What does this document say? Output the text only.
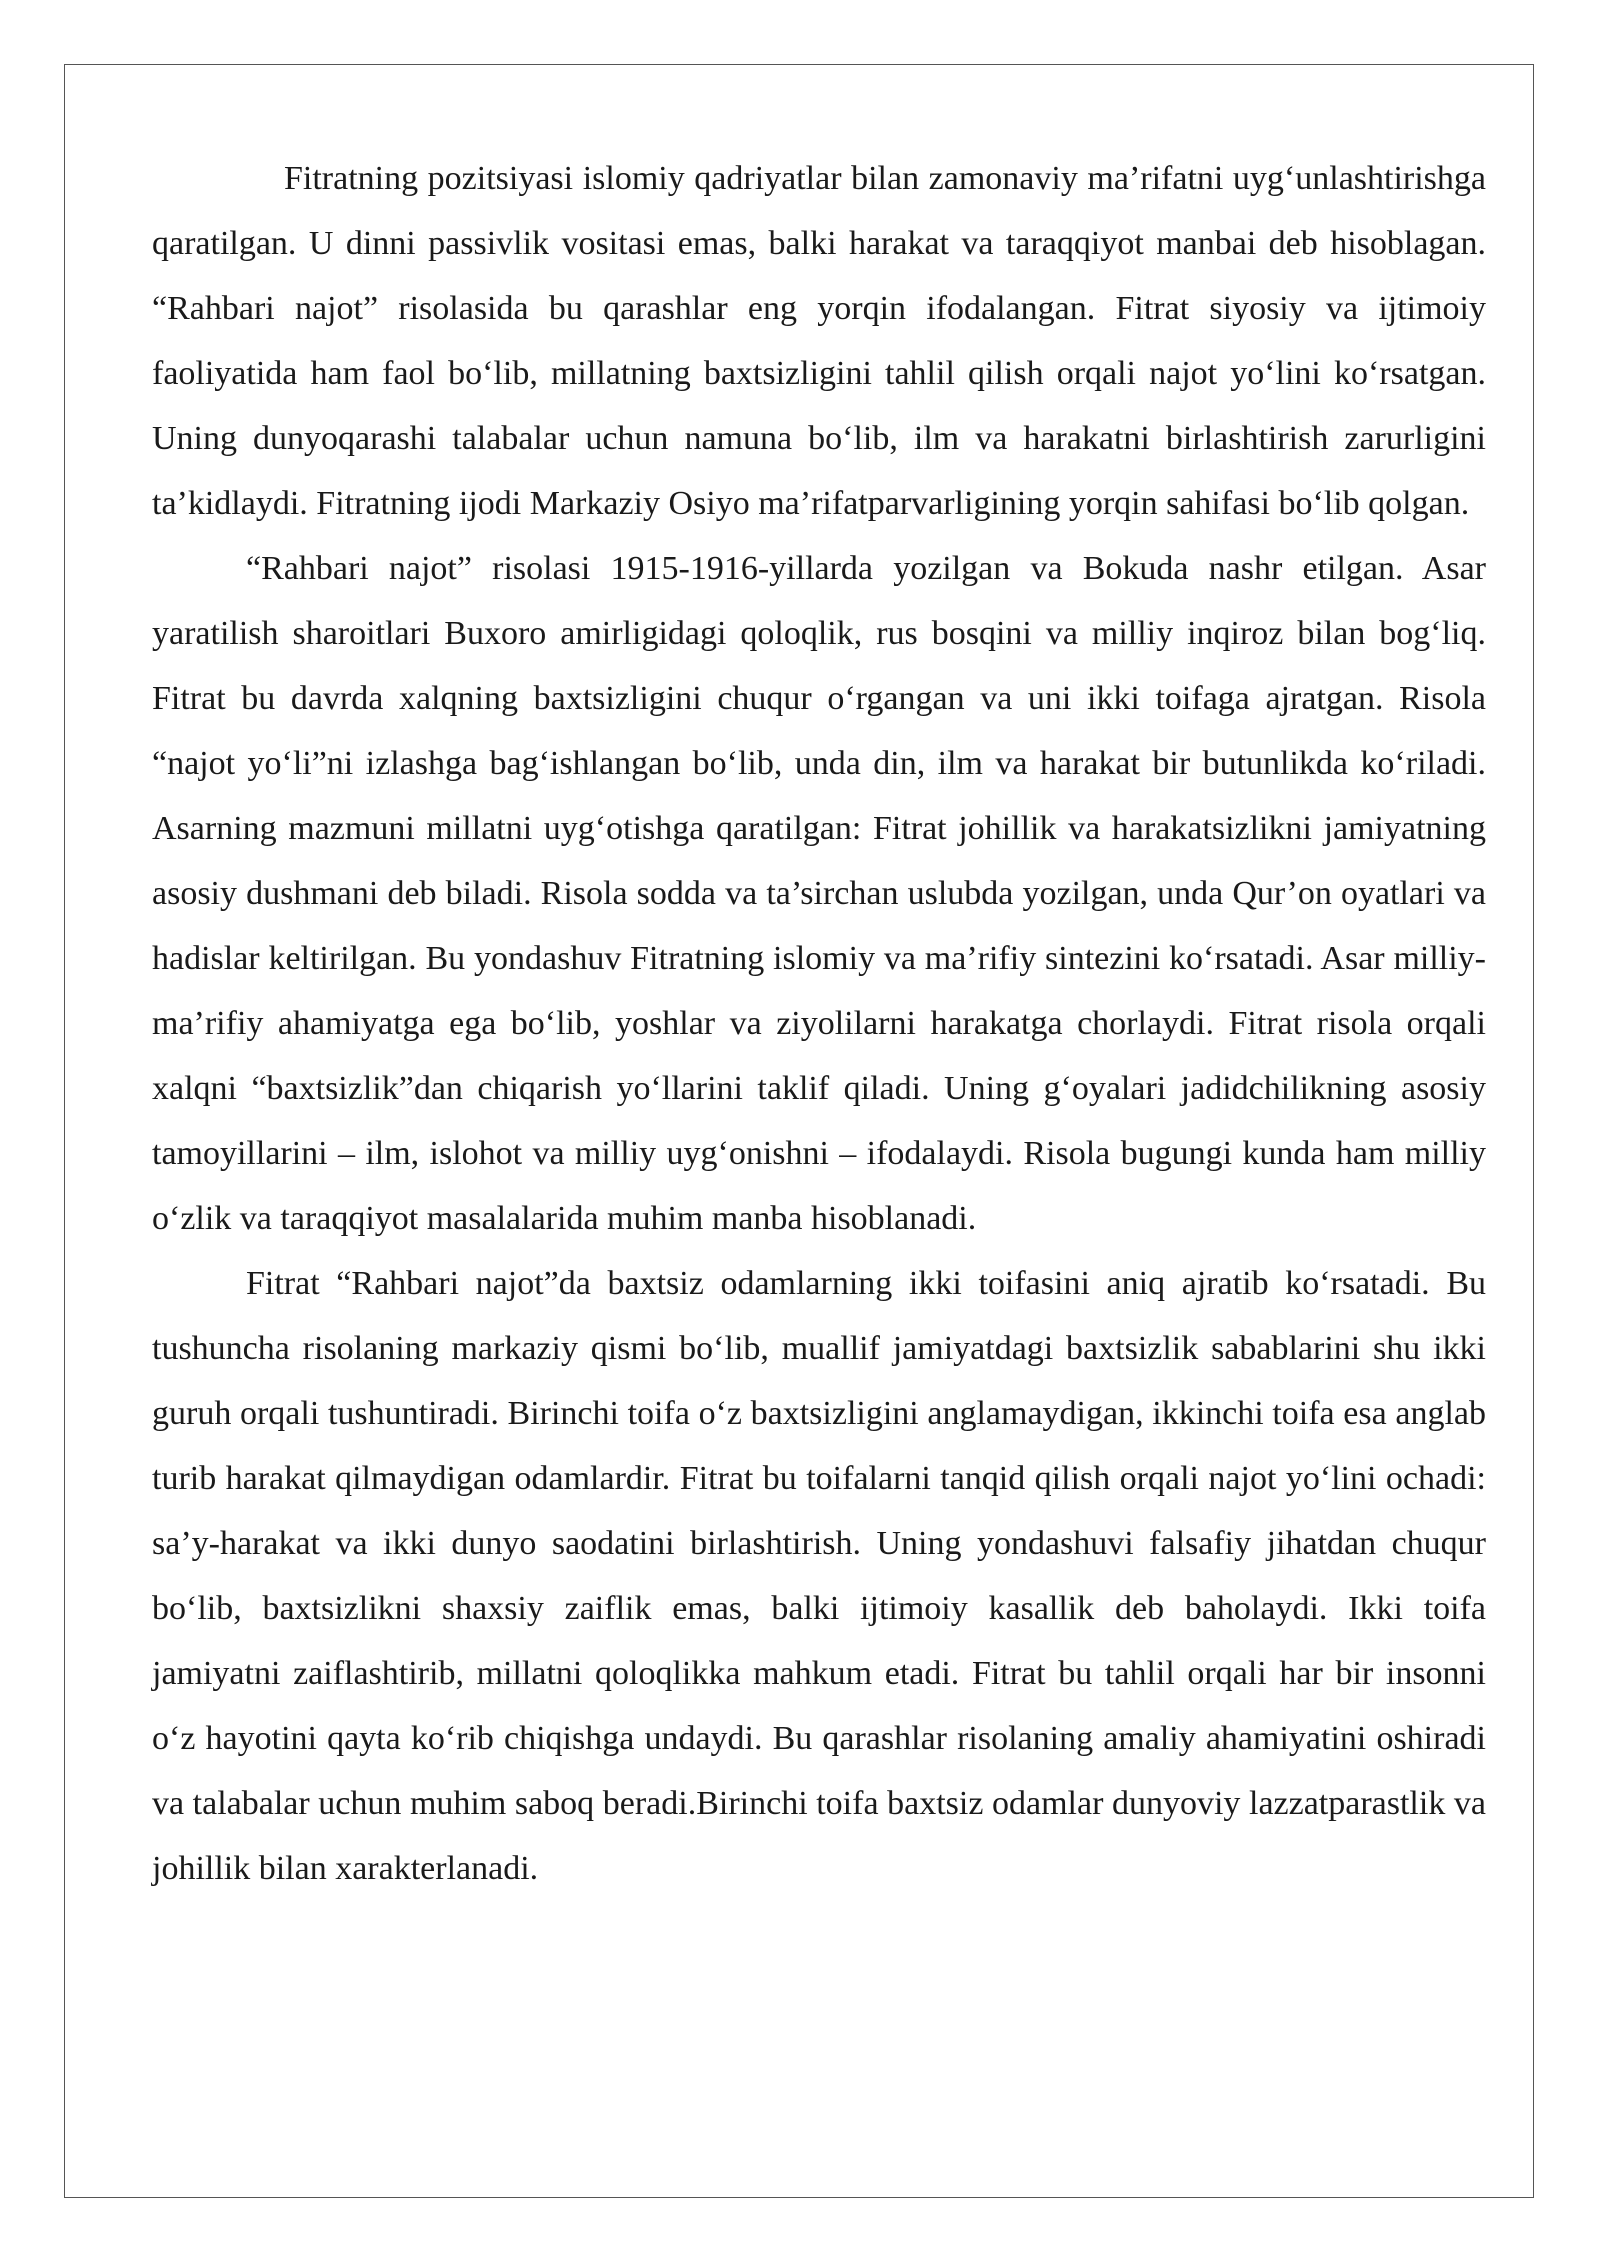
Fitratning pozitsiyasi islomiy qadriyatlar bilan zamonaviy ma’rifatni uyg‘unlashtirishga qaratilgan. U dinni passivlik vositasi emas, balki harakat va taraqqiyot manbai deb hisoblagan. “Rahbari najot” risolasida bu qarashlar eng yorqin ifodalangan. Fitrat siyosiy va ijtimoiy faoliyatida ham faol bo‘lib, millatning baxtsizligini tahlil qilish orqali najot yo‘lini ko‘rsatgan. Uning dunyoqarashi talabalar uchun namuna bo‘lib, ilm va harakatni birlashtirish zarurligini ta’kidlaydi. Fitratning ijodi Markaziy Osiyo ma’rifatparvarligining yorqin sahifasi bo‘lib qolgan.

“Rahbari najot” risolasi 1915-1916-yillarda yozilgan va Bokuda nashr etilgan. Asar yaratilish sharoitlari Buxoro amirligidagi qoloqlik, rus bosqini va milliy inqiroz bilan bog‘liq. Fitrat bu davrda xalqning baxtsizligini chuqur o‘rgangan va uni ikki toifaga ajratgan. Risola “najot yo‘li”ni izlashga bag‘ishlangan bo‘lib, unda din, ilm va harakat bir butunlikda ko‘riladi. Asarning mazmuni millatni uyg‘otishga qaratilgan: Fitrat johillik va harakatsizlikni jamiyatning asosiy dushmani deb biladi. Risola sodda va ta’sirchan uslubda yozilgan, unda Qur’on oyatlari va hadislar keltirilgan. Bu yondashuv Fitratning islomiy va ma’rifiy sintezini ko‘rsatadi. Asar milliy-ma’rifiy ahamiyatga ega bo‘lib, yoshlar va ziyolilarni harakatga chorlaydi. Fitrat risola orqali xalqni “baxtsizlik”dan chiqarish yo‘llarini taklif qiladi. Uning g‘oyalari jadidchilikning asosiy tamoyillarini – ilm, islohot va milliy uyg‘onishni – ifodalaydi. Risola bugungi kunda ham milliy o‘zlik va taraqqiyot masalalarida muhim manba hisoblanadi.

Fitrat “Rahbari najot”da baxtsiz odamlarning ikki toifasini aniq ajratib ko‘rsatadi. Bu tushuncha risolaning markaziy qismi bo‘lib, muallif jamiyatdagi baxtsizlik sabablarini shu ikki guruh orqali tushuntiradi. Birinchi toifa o‘z baxtsizligini anglamaydigan, ikkinchi toifa esa anglab turib harakat qilmaydigan odamlardir. Fitrat bu toifalarni tanqid qilish orqali najot yo‘lini ochadi: sa’y-harakat va ikki dunyo saodatini birlashtirish. Uning yondashuvi falsafiy jihatdan chuqur bo‘lib, baxtsizlikni shaxsiy zaiflik emas, balki ijtimoiy kasallik deb baholaydi. Ikki toifa jamiyatni zaiflashtirib, millatni qoloqlikka mahkum etadi. Fitrat bu tahlil orqali har bir insonni o‘z hayotini qayta ko‘rib chiqishga undaydi. Bu qarashlar risolaning amaliy ahamiyatini oshiradi va talabalar uchun muhim saboq beradi.Birinchi toifa baxtsiz odamlar dunyoviy lazzatparastlik va johillik bilan xarakterlanadi.
